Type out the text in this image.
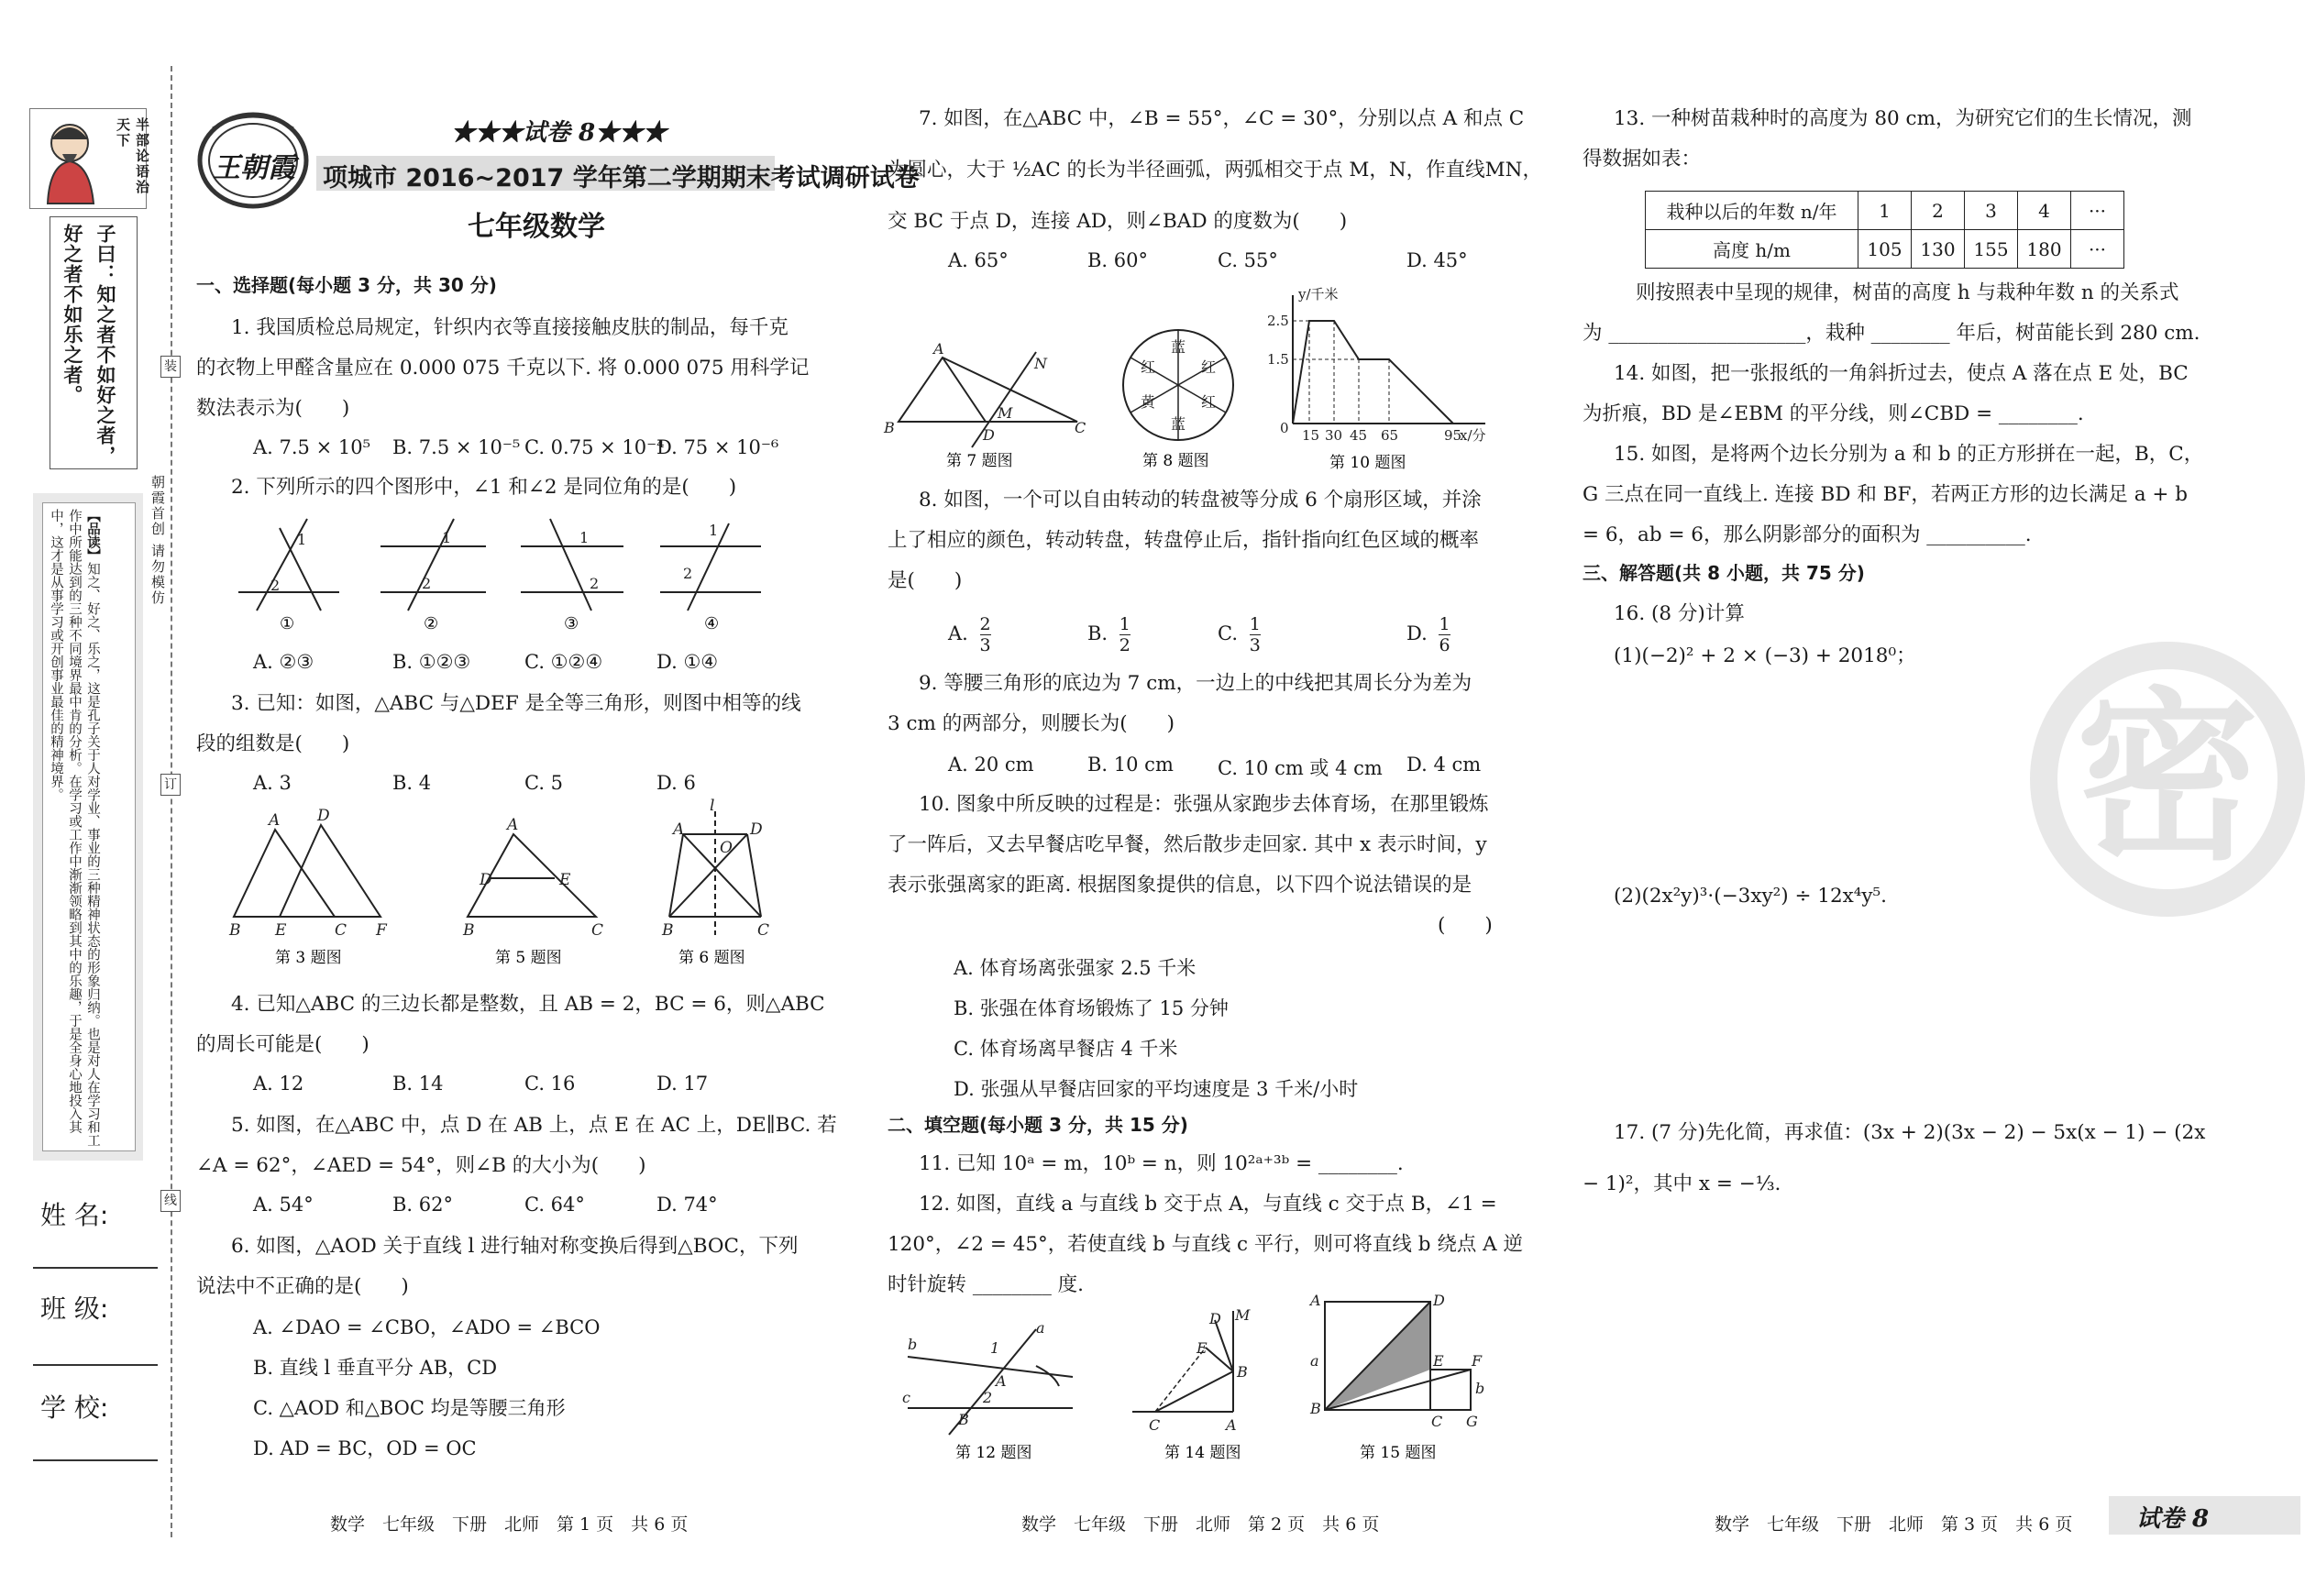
半部论语治天下
子曰：知之者不如好之者，
好之者不如乐之者。
【品读】知之、好之、乐之，这是孔子关于人对学业、事业的三种精神状态的形象归纳。也是对人在学习和工作中所能达到的三种不同境界最中肯的分析。在学习或工作中渐渐领略到其中的乐趣，于是全身心地投入其中，这才是从事学习或开创事业最佳的精神境界。	朝霞首创 请勿模仿
装
订
线
姓 名:
班 级:
学 校:
王朝霞
★★★试卷 8★★★
项城市 2016~2017 学年第二学期期末考试调研试卷
七年级数学
一、选择题(每小题 3 分，共 30 分)
1. 我国质检总局规定，针织内衣等直接接触皮肤的制品，每千克
的衣物上甲醛含量应在 0.000 075 千克以下. 将 0.000 075 用科学记
数法表示为(　　)
A. 7.5 × 10⁵ B. 7.5 × 10⁻⁵ C. 0.75 × 10⁻⁴
D. 75 × 10⁻⁶
2. 下列所示的四个图形中，∠1 和∠2 是同位角的是(　　)
1
2
1
2
1
2
1
2
①	②	③	④
A. ②③	B. ①②③	C. ①②④	D. ①④
3. 已知：如图，△ABC 与△DEF 是全等三角形，则图中相等的线
段的组数是(　　)
A. 3	B. 4	C. 5	D. 6
A D
B E	C F
A
D	E
B	C
A	D
O
l
B	C
第 3 题图	第 5 题图	第 6 题图
4. 已知△ABC 的三边长都是整数，且 AB = 2，BC = 6，则△ABC
的周长可能是(　　)
A. 12	B. 14	C. 16	D. 17
5. 如图，在△ABC 中，点 D 在 AB 上，点 E 在 AC 上，DE∥BC. 若
∠A = 62°，∠AED = 54°，则∠B 的大小为(　　)
A. 54°	B. 62°	C. 64°	D. 74°
6. 如图，△AOD 关于直线 l 进行轴对称变换后得到△BOC，下列
说法中不正确的是(　　)
A. ∠DAO = ∠CBO，∠ADO = ∠BCO
B. 直线 l 垂直平分 AB，CD
C. △AOD 和△BOC 均是等腰三角形
D. AD = BC，OD = OC
7. 如图，在△ABC 中，∠B = 55°，∠C = 30°，分别以点 A 和点 C
为圆心，大于 ½AC 的长为半径画弧，两弧相交于点 M，N，作直线MN，
交 BC 于点 D，连接 AD，则∠BAD 的度数为(　　)
A. 65°	B. 60°	C. 55°	D. 45°
A
B	C
D
M
N
第 7 题图
蓝
红
红
蓝
黄
红
第 8 题图
y/千米
2.5
1.5
0 15 30 45 65	95
x/分
第 10 题图
8. 如图，一个可以自由转动的转盘被等分成 6 个扇形区域，并涂
上了相应的颜色，转动转盘，转盘停止后，指针指向红色区域的概率
是(　　)
A. $\frac{2}{3}$	B. $\frac{1}{2}$	C. $\frac{1}{3}$	D. $\frac{1}{6}$
9. 等腰三角形的底边为 7 cm，一边上的中线把其周长分为差为
3 cm 的两部分，则腰长为(　　)
A. 20 cm	B. 10 cm C. 10 cm 或 4 cm D. 4 cm
10. 图象中所反映的过程是：张强从家跑步去体育场，在那里锻炼
了一阵后，又去早餐店吃早餐，然后散步走回家. 其中 x 表示时间，y
表示张强离家的距离. 根据图象提供的信息，以下四个说法错误的是
(　　)
A. 体育场离张强家 2.5 千米
B. 张强在体育场锻炼了 15 分钟
C. 体育场离早餐店 4 千米
D. 张强从早餐店回家的平均速度是 3 千米/小时
二、填空题(每小题 3 分，共 15 分)
11. 已知 10ᵃ = m，10ᵇ = n，则 10²ᵃ⁺³ᵇ = ________.
12. 如图，直线 a 与直线 b 交于点 A，与直线 c 交于点 B，∠1 =
120°，∠2 = 45°，若使直线 b 与直线 c 平行，则可将直线 b 绕点 A 逆
时针旋转 ________ 度.
b
c
a
A
B
1
2
第 12 题图
M
D
E
B
C	A
第 14 题图
A	D
B
C G
E F
a
b
第 15 题图
13. 一种树苗栽种时的高度为 80 cm，为研究它们的生长情况，测
得数据如表：
栽种以后的年数 n/年	1	2	3	4	···
高度 h/m	105	130	155	180	···
则按照表中呈现的规律，树苗的高度 h 与栽种年数 n 的关系式
为 ____________________，栽种 ________ 年后，树苗能长到 280 cm.
14. 如图，把一张报纸的一角斜折过去，使点 A 落在点 E 处，BC
为折痕，BD 是∠EBM 的平分线，则∠CBD = ________.
15. 如图，是将两个边长分别为 a 和 b 的正方形拼在一起，B，C，
G 三点在同一直线上. 连接 BD 和 BF，若两正方形的边长满足 a + b
= 6，ab = 6，那么阴影部分的面积为 __________.
三、解答题(共 8 小题，共 75 分)
16. (8 分)计算
(1)(−2)² + 2 × (−3) + 2018⁰；
密
(2)(2x²y)³·(−3xy²) ÷ 12x⁴y⁵.
17. (7 分)先化简，再求值：(3x + 2)(3x − 2) − 5x(x − 1) − (2x
− 1)²，其中 x = −⅓.
数学　七年级　下册　北师　第 1 页　共 6 页	数学　七年级　下册　北师　第 2 页　共 6 页	数学　七年级　下册　北师　第 3 页　共 6 页	试卷 8
